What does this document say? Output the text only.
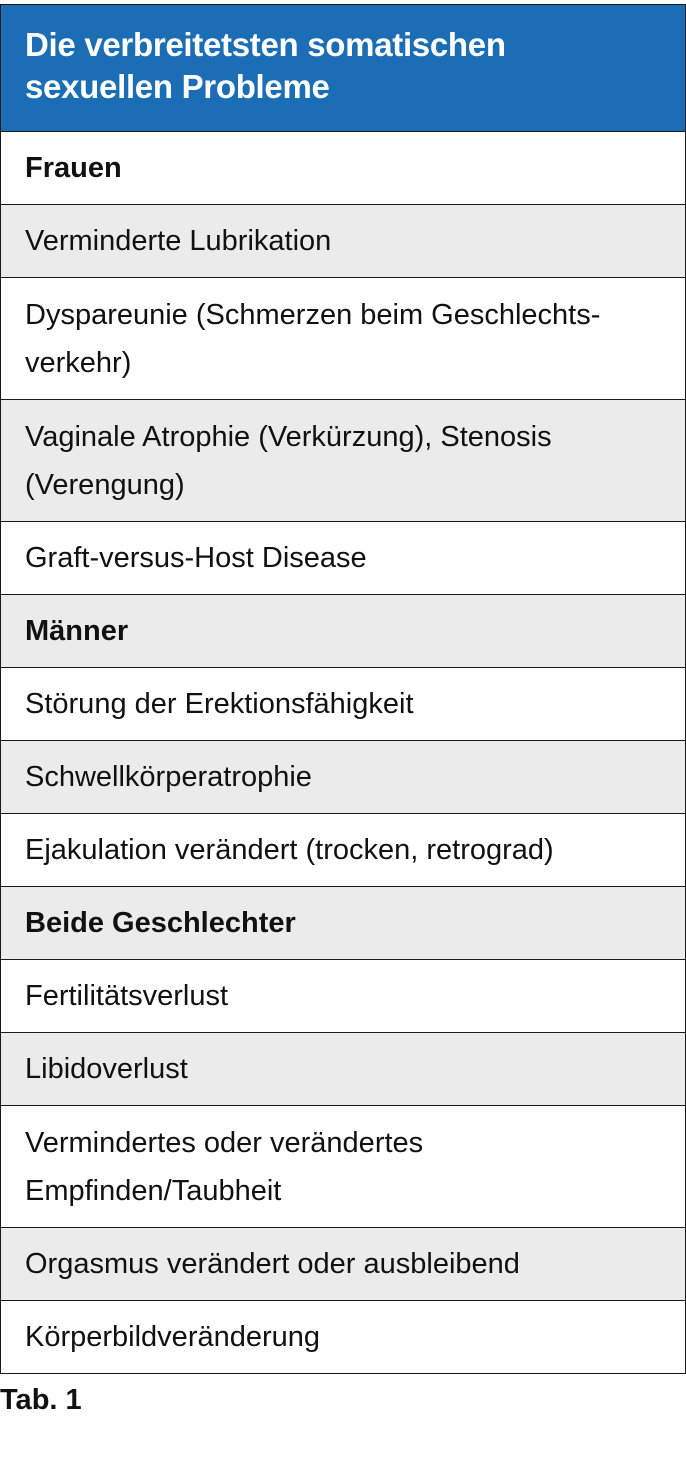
Die verbreitetsten somatischen sexuellen Probleme
Frauen
Verminderte Lubrikation
Dyspareunie (Schmerzen beim Geschlechts-verkehr)
Vaginale Atrophie (Verkürzung), Stenosis (Verengung)
Graft-versus-Host Disease
Männer
Störung der Erektionsfähigkeit
Schwellkörperatrophie
Ejakulation verändert (trocken, retrograd)
Beide Geschlechter
Fertilitätsverlust
Libidoverlust
Vermindertes oder verändertes Empfinden/Taubheit
Orgasmus verändert oder ausbleibend
Körperbildveränderung
Tab. 1
